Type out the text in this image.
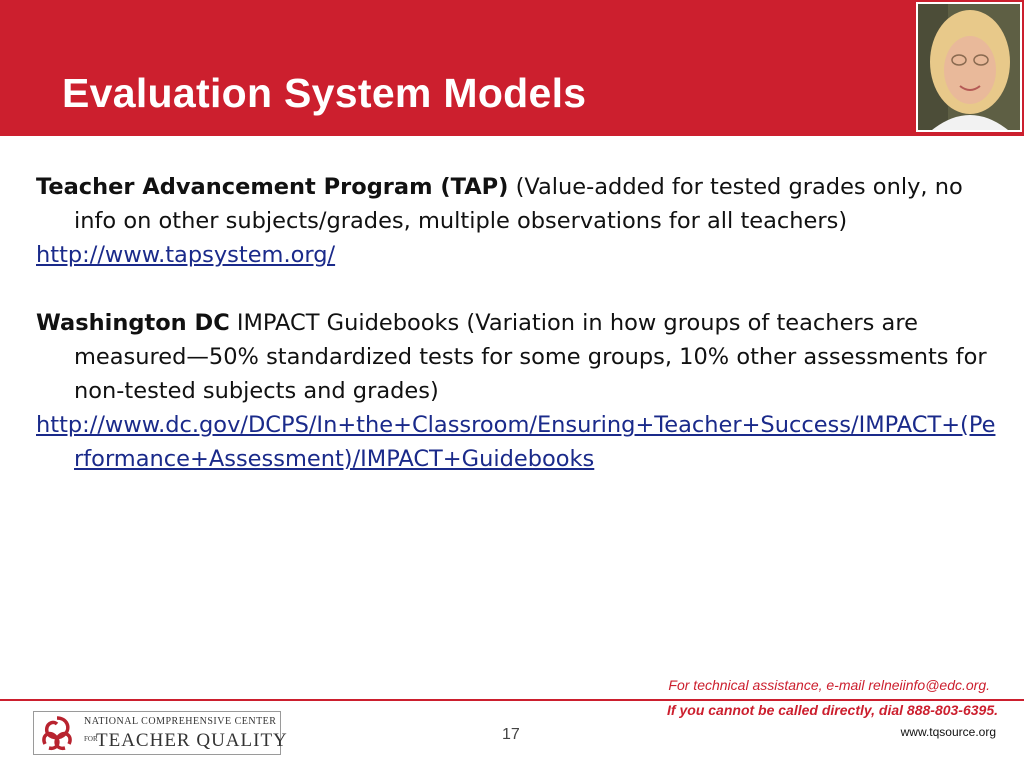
Evaluation System Models

Teacher Advancement Program (TAP) (Value-added for tested grades only, no info on other subjects/grades, multiple observations for all teachers)

http://www.tapsystem.org/

Washington DC IMPACT Guidebooks (Variation in how groups of teachers are measured—50% standardized tests for some groups, 10% other assessments for non-tested subjects and grades)

http://www.dc.gov/DCPS/In+the+Classroom/Ensuring+Teacher+Success/IMPACT+(Performance+Assessment)/IMPACT+Guidebooks

For technical assistance, e-mail relneiinfo@edc.org.
If you cannot be called directly, dial 888-803-6395.
NATIONAL COMPREHENSIVE CENTER
FOR
TEACHER QUALITY	17	www.tqsource.org
